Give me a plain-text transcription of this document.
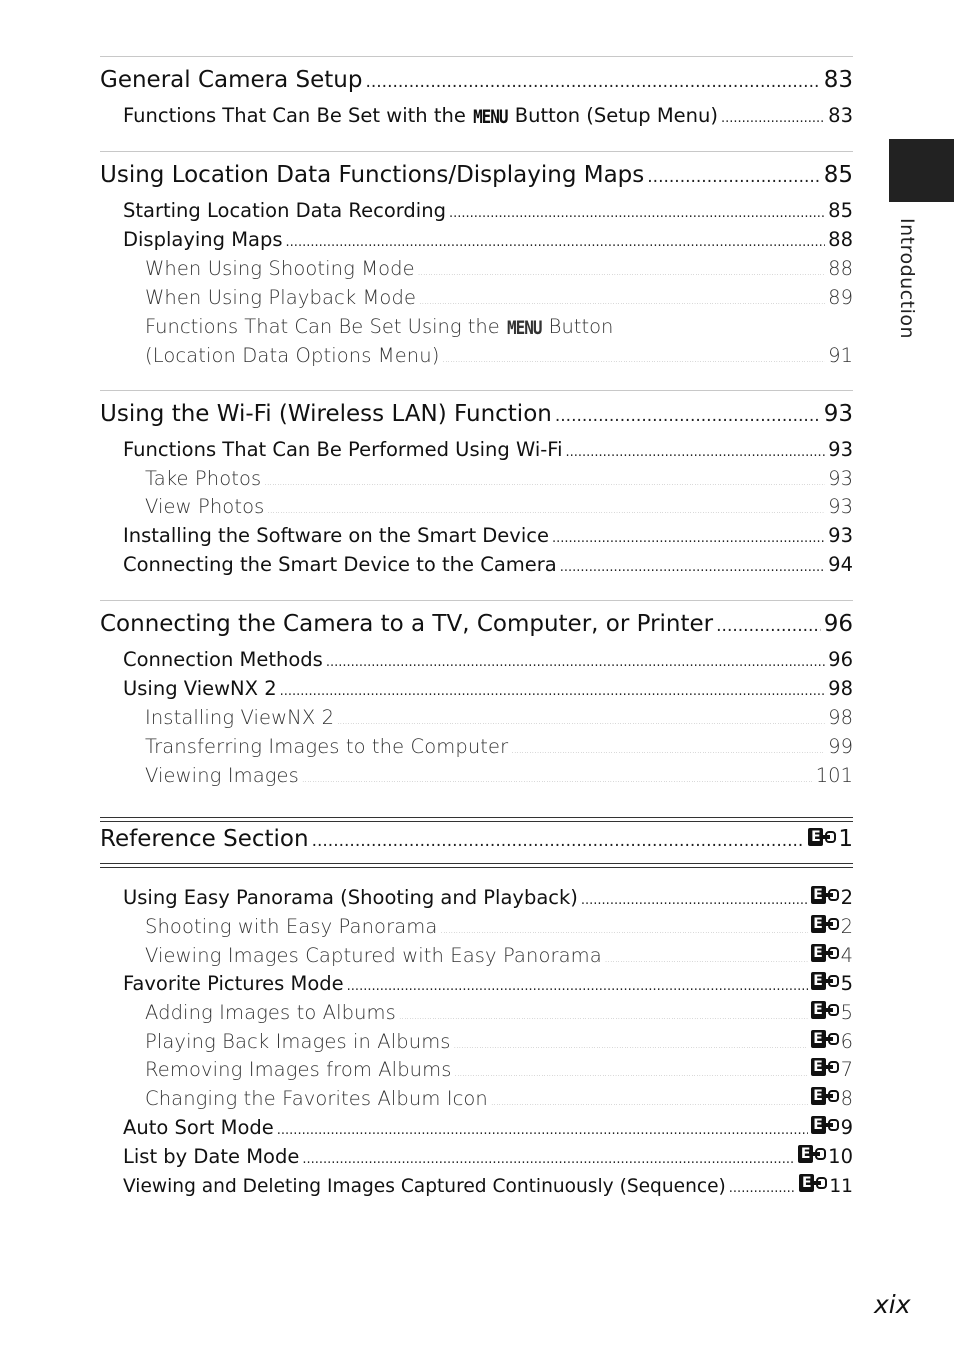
General Camera Setup .....	83
Functions That Can Be Set with the MENU Button (Setup Menu) .....	83
Using Location Data Functions/Displaying Maps .....	85
Starting Location Data Recording .....	85
Displaying Maps .....	88
When Using Shooting Mode .....	88
When Using Playback Mode .....	89
Functions That Can Be Set Using the MENU Button
(Location Data Options Menu) .....	91
Using the Wi-Fi (Wireless LAN) Function .....	93
Functions That Can Be Performed Using Wi-Fi .....	93
Take Photos .....	93
View Photos .....	93
Installing the Software on the Smart Device .....	93
Connecting the Smart Device to the Camera .....	94
Connecting the Camera to a TV, Computer, or Printer .....	96
Connection Methods .....	96
Using ViewNX 2 .....	98
Installing ViewNX 2 .....	98
Transferring Images to the Computer .....	99
Viewing Images .....	101
Reference Section .....	E 1
Using Easy Panorama (Shooting and Playback) .....	E 2
Shooting with Easy Panorama .....	E 2
Viewing Images Captured with Easy Panorama .....	E 4
Favorite Pictures Mode .....	E 5
Adding Images to Albums .....	E 5
Playing Back Images in Albums .....	E 6
Removing Images from Albums .....	E 7
Changing the Favorites Album Icon .....	E 8
Auto Sort Mode .....	E 9
List by Date Mode .....	E 10
Viewing and Deleting Images Captured Continuously (Sequence) .....	E 11
Introduction
xix
